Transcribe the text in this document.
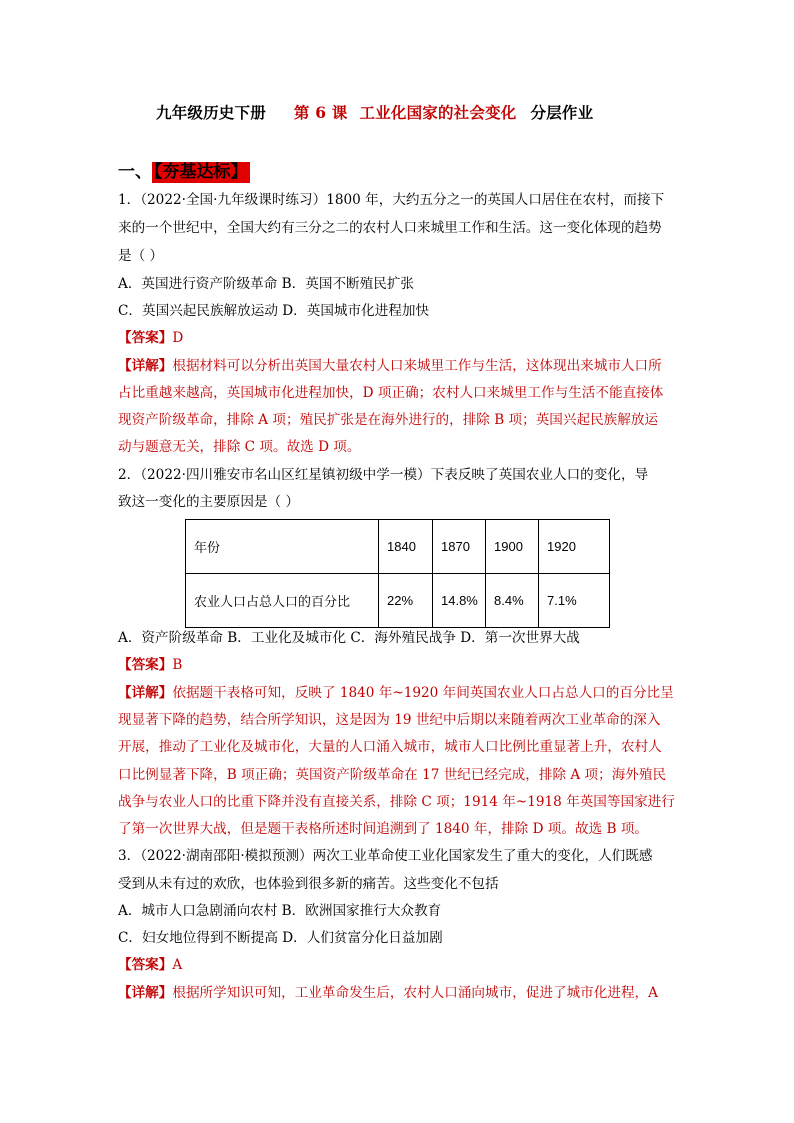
九年级历史下册 第 6 课 工业化国家的社会变化 分层作业
一、 【夯基达标】
1．（2022·全国·九年级课时练习）1800 年，大约五分之一的英国人口居住在农村，而接下
来的一个世纪中，全国大约有三分之二的农村人口来城里工作和生活。这一变化体现的趋势
是（ ）
A．英国进行资产阶级革命 B．英国不断殖民扩张
C．英国兴起民族解放运动 D．英国城市化进程加快
【答案】D
【详解】根据材料可以分析出英国大量农村人口来城里工作与生活，这体现出来城市人口所
占比重越来越高，英国城市化进程加快，D 项正确；农村人口来城里工作与生活不能直接体
现资产阶级革命，排除 A 项；殖民扩张是在海外进行的，排除 B 项；英国兴起民族解放运
动与题意无关，排除 C 项。故选 D 项。
2．（2022·四川雅安市名山区红星镇初级中学一模）下表反映了英国农业人口的变化，导
致这一变化的主要原因是（ ）
年份	1840	1870	1900	1920
农业人口占总人口的百分比	22%	14.8%	8.4%	7.1%
A．资产阶级革命 B．工业化及城市化 C．海外殖民战争 D．第一次世界大战
【答案】B
【详解】依据题干表格可知，反映了 1840 年~1920 年间英国农业人口占总人口的百分比呈
现显著下降的趋势，结合所学知识，这是因为 19 世纪中后期以来随着两次工业革命的深入
开展，推动了工业化及城市化，大量的人口涌入城市，城市人口比例比重显著上升，农村人
口比例显著下降，B 项正确；英国资产阶级革命在 17 世纪已经完成，排除 A 项；海外殖民
战争与农业人口的比重下降并没有直接关系，排除 C 项；1914 年~1918 年英国等国家进行
了第一次世界大战，但是题干表格所述时间追溯到了 1840 年，排除 D 项。故选 B 项。
3．（2022·湖南邵阳·模拟预测）两次工业革命使工业化国家发生了重大的变化，人们既感
受到从未有过的欢欣，也体验到很多新的痛苦。这些变化不包括
A．城市人口急剧涌向农村 B．欧洲国家推行大众教育
C．妇女地位得到不断提高 D．人们贫富分化日益加剧
【答案】A
【详解】根据所学知识可知，工业革命发生后，农村人口涌向城市，促进了城市化进程，A
